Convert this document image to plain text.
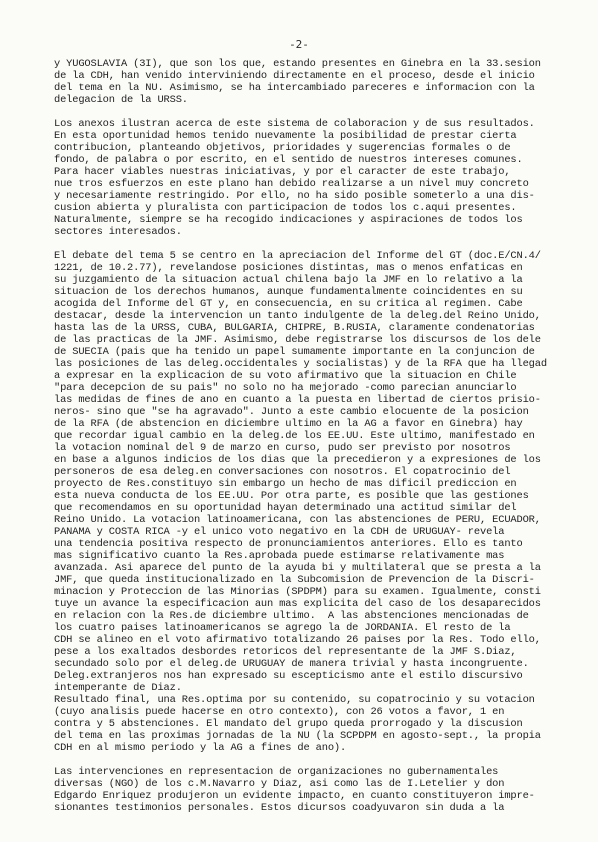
-2-
y YUGOSLAVIA (3I), que son los que, estando presentes en Ginebra en la 33.sesion
de la CDH, han venido interviniendo directamente en el proceso, desde el inicio
del tema en la NU. Asimismo, se ha intercambiado pareceres e informacion con la
delegacion de la URSS.
Los anexos ilustran acerca de este sistema de colaboracion y de sus resultados.
En esta oportunidad hemos tenido nuevamente la posibilidad de prestar cierta
contribucion, planteando objetivos, prioridades y sugerencias formales o de
fondo, de palabra o por escrito, en el sentido de nuestros intereses comunes.
Para hacer viables nuestras iniciativas, y por el caracter de este trabajo,
nue tros esfuerzos en este plano han debido realizarse a un nivel muy concreto
y necesariamente restringido. Por ello, no ha sido posible someterlo a una dis-
cusion abierta y pluralista con participacion de todos los c.aqui presentes.
Naturalmente, siempre se ha recogido indicaciones y aspiraciones de todos los
sectores interesados.
El debate del tema 5 se centro en la apreciacion del Informe del GT (doc.E/CN.4/
1221, de 10.2.77), revelandose posiciones distintas, mas o menos enfaticas en
su juzgamiento de la situacion actual chilena bajo la JMF en lo relativo a la
situacion de los derechos humanos, aunque fundamentalmente coincidentes en su
acogida del Informe del GT y, en consecuencia, en su critica al regimen. Cabe
destacar, desde la intervencion un tanto indulgente de la deleg.del Reino Unido,
hasta las de la URSS, CUBA, BULGARIA, CHIPRE, B.RUSIA, claramente condenatorias
de las practicas de la JMF. Asimismo, debe registrarse los discursos de los dele
de SUECIA (pais que ha tenido un papel sumamente importante en la conjuncion de
las posiciones de las deleg.occidentales y socialistas) y de la RFA que ha llegad
a expresar en la explicacion de su voto afirmativo que la situacion en Chile
"para decepcion de su pais" no solo no ha mejorado -como parecian anunciarlo
las medidas de fines de ano en cuanto a la puesta en libertad de ciertos prisio-
neros- sino que "se ha agravado". Junto a este cambio elocuente de la posicion
de la RFA (de abstencion en diciembre ultimo en la AG a favor en Ginebra) hay
que recordar igual cambio en la deleg.de los EE.UU. Este ultimo, manifestado en
la votacion nominal del 9 de marzo en curso, pudo ser previsto por nosotros
en base a algunos indicios de los dias que la precedieron y a expresiones de los
personeros de esa deleg.en conversaciones con nosotros. El copatrocinio del
proyecto de Res.constituyo sin embargo un hecho de mas dificil prediccion en
esta nueva conducta de los EE.UU. Por otra parte, es posible que las gestiones
que recomendamos en su oportunidad hayan determinado una actitud similar del
Reino Unido. La votacion latinoamericana, con las abstenciones de PERU, ECUADOR,
PANAMA y COSTA RICA -y el unico voto negativo en la CDH de URUGUAY- revela
una tendencia positiva respecto de pronunciamientos anteriores. Ello es tanto
mas significativo cuanto la Res.aprobada puede estimarse relativamente mas
avanzada. Asi aparece del punto de la ayuda bi y multilateral que se presta a la
JMF, que queda institucionalizado en la Subcomision de Prevencion de la Discri-
minacion y Proteccion de las Minorias (SPDPM) para su examen. Igualmente, consti
tuye un avance la especificacion aun mas explicita del caso de los desaparecidos
en relacion con la Res.de diciembre ultimo.  A las abstenciones mencionadas de
los cuatro paises latinoamericanos se agrego la de JORDANIA. El resto de la
CDH se alineo en el voto afirmativo totalizando 26 paises por la Res. Todo ello,
pese a los exaltados desbordes retoricos del representante de la JMF S.Diaz,
secundado solo por el deleg.de URUGUAY de manera trivial y hasta incongruente.
Deleg.extranjeros nos han expresado su escepticismo ante el estilo discursivo
intemperante de Diaz.
Resultado final, una Res.optima por su contenido, su copatrocinio y su votacion
(cuyo analisis puede hacerse en otro contexto), con 26 votos a favor, 1 en
contra y 5 abstenciones. El mandato del grupo queda prorrogado y la discusion
del tema en las proximas jornadas de la NU (la SCPDPM en agosto-sept., la propia
CDH en al mismo periodo y la AG a fines de ano).
Las intervenciones en representacion de organizaciones no gubernamentales
diversas (NGO) de los c.M.Navarro y Diaz, asi como las de I.Letelier y don
Edgardo Enriquez produjeron un evidente impacto, en cuanto constituyeron impre-
sionantes testimonios personales. Estos dicursos coadyuvaron sin duda a la
